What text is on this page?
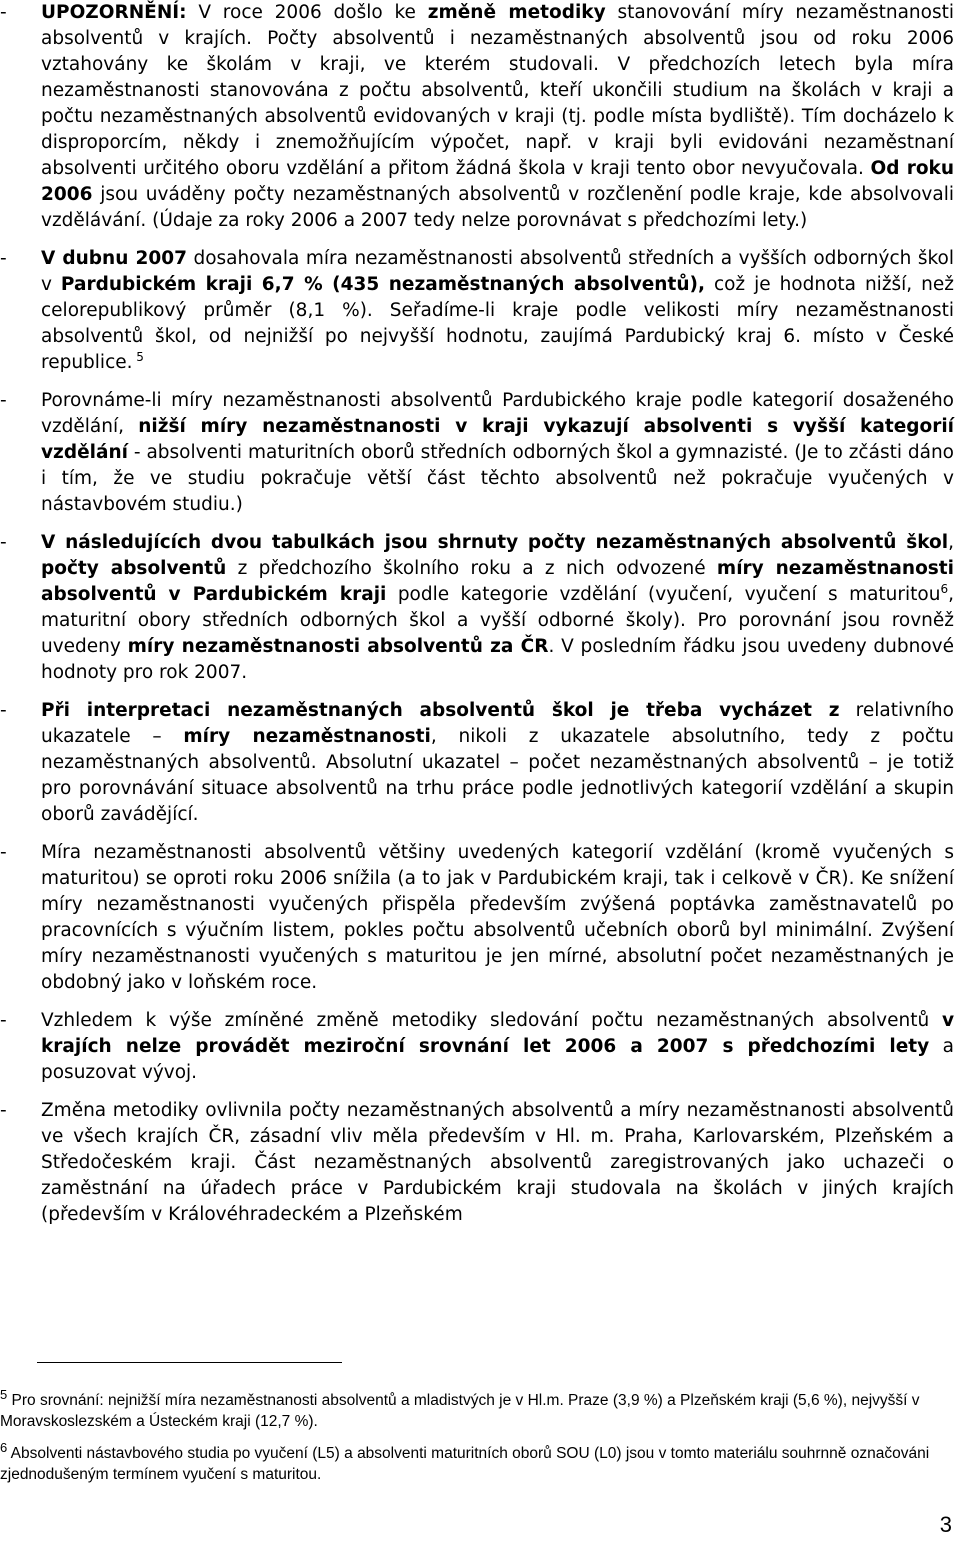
- UPOZORNĚNÍ: V roce 2006 došlo ke změně metodiky stanovování míry nezaměstnanosti absolventů v krajích. Počty absolventů i nezaměstnaných absolventů jsou od roku 2006 vztahovány ke školám v kraji, ve kterém studovali. V předchozích letech byla míra nezaměstnanosti stanovována z počtu absolventů, kteří ukončili studium na školách v kraji a počtu nezaměstnaných absolventů evidovaných v kraji (tj. podle místa bydliště). Tím docházelo k disproporcím, někdy i znemožňujícím výpočet, např. v kraji byli evidováni nezaměstnaní absolventi určitého oboru vzdělání a přitom žádná škola v kraji tento obor nevyučovala. Od roku 2006 jsou uváděny počty nezaměstnaných absolventů v rozčlenění podle kraje, kde absolvovali vzdělávání. (Údaje za roky 2006 a 2007 tedy nelze porovnávat s předchozími lety.)

- V dubnu 2007 dosahovala míra nezaměstnanosti absolventů středních a vyšších odborných škol v Pardubickém kraji 6,7 % (435 nezaměstnaných absolventů), což je hodnota nižší, než celorepublikový průměr (8,1 %). Seřadíme-li kraje podle velikosti míry nezaměstnanosti absolventů škol, od nejnižší po nejvyšší hodnotu, zaujímá Pardubický kraj 6. místo v České republice.  $^5$

- Porovnáme-li míry nezaměstnanosti absolventů Pardubického kraje podle kategorií dosaženého vzdělání, nižší míry nezaměstnanosti v kraji vykazují absolventi s vyšší kategorií vzdělání - absolventi maturitních oborů středních odborných škol a gymnazisté. (Je to zčásti dáno i tím, že ve studiu pokračuje větší část těchto absolventů než pokračuje vyučených v nástavbovém studiu.)

- V následujících dvou tabulkách jsou shrnuty počty nezaměstnaných absolventů škol, počty absolventů z předchozího školního roku a z nich odvozené míry nezaměstnanosti absolventů v Pardubickém kraji podle kategorie vzdělání (vyučení, vyučení s maturitou$^6$, maturitní obory středních odborných škol a vyšší odborné školy). Pro porovnání jsou rovněž uvedeny míry nezaměstnanosti absolventů za ČR. V posledním řádku jsou uvedeny dubnové hodnoty pro rok 2007.

- Při interpretaci nezaměstnaných absolventů škol je třeba vycházet z relativního ukazatele – míry nezaměstnanosti, nikoli z ukazatele absolutního, tedy z počtu nezaměstnaných absolventů. Absolutní ukazatel – počet nezaměstnaných absolventů – je totiž pro porovnávání situace absolventů na trhu práce podle jednotlivých kategorií vzdělání a skupin oborů zavádějící.

- Míra nezaměstnanosti absolventů většiny uvedených kategorií vzdělání (kromě vyučených s maturitou) se oproti roku 2006 snížila (a to jak v Pardubickém kraji, tak i celkově v ČR). Ke snížení míry nezaměstnanosti vyučených přispěla především zvýšená poptávka zaměstnavatelů po pracovnících s výučním listem, pokles počtu absolventů učebních oborů byl minimální. Zvýšení míry nezaměstnanosti vyučených s maturitou je jen mírné, absolutní počet nezaměstnaných je obdobný jako v loňském roce.

- Vzhledem k výše zmíněné změně metodiky sledování počtu nezaměstnaných absolventů v krajích nelze provádět meziroční srovnání let 2006 a 2007 s předchozími lety a posuzovat vývoj.

- Změna metodiky ovlivnila počty nezaměstnaných absolventů a míry nezaměstnanosti absolventů ve všech krajích ČR, zásadní vliv měla především v Hl. m. Praha, Karlovarském, Plzeňském a Středočeském kraji. Část nezaměstnaných absolventů zaregistrovaných jako uchazeči o zaměstnání na úřadech práce v Pardubickém kraji studovala na školách v jiných krajích (především v Královéhradeckém a Plzeňském

$^5$ Pro srovnání: nejnižší míra nezaměstnanosti absolventů a mladistvých je v Hl.m. Praze (3,9 %) a Plzeňském kraji (5,6 %), nejvyšší v Moravskoslezském a Ústeckém kraji (12,7 %).
$^6$ Absolventi nástavbového studia po vyučení (L5) a absolventi maturitních oborů SOU (L0) jsou v tomto materiálu souhrnně označováni zjednodušeným termínem vyučení s maturitou.
3
